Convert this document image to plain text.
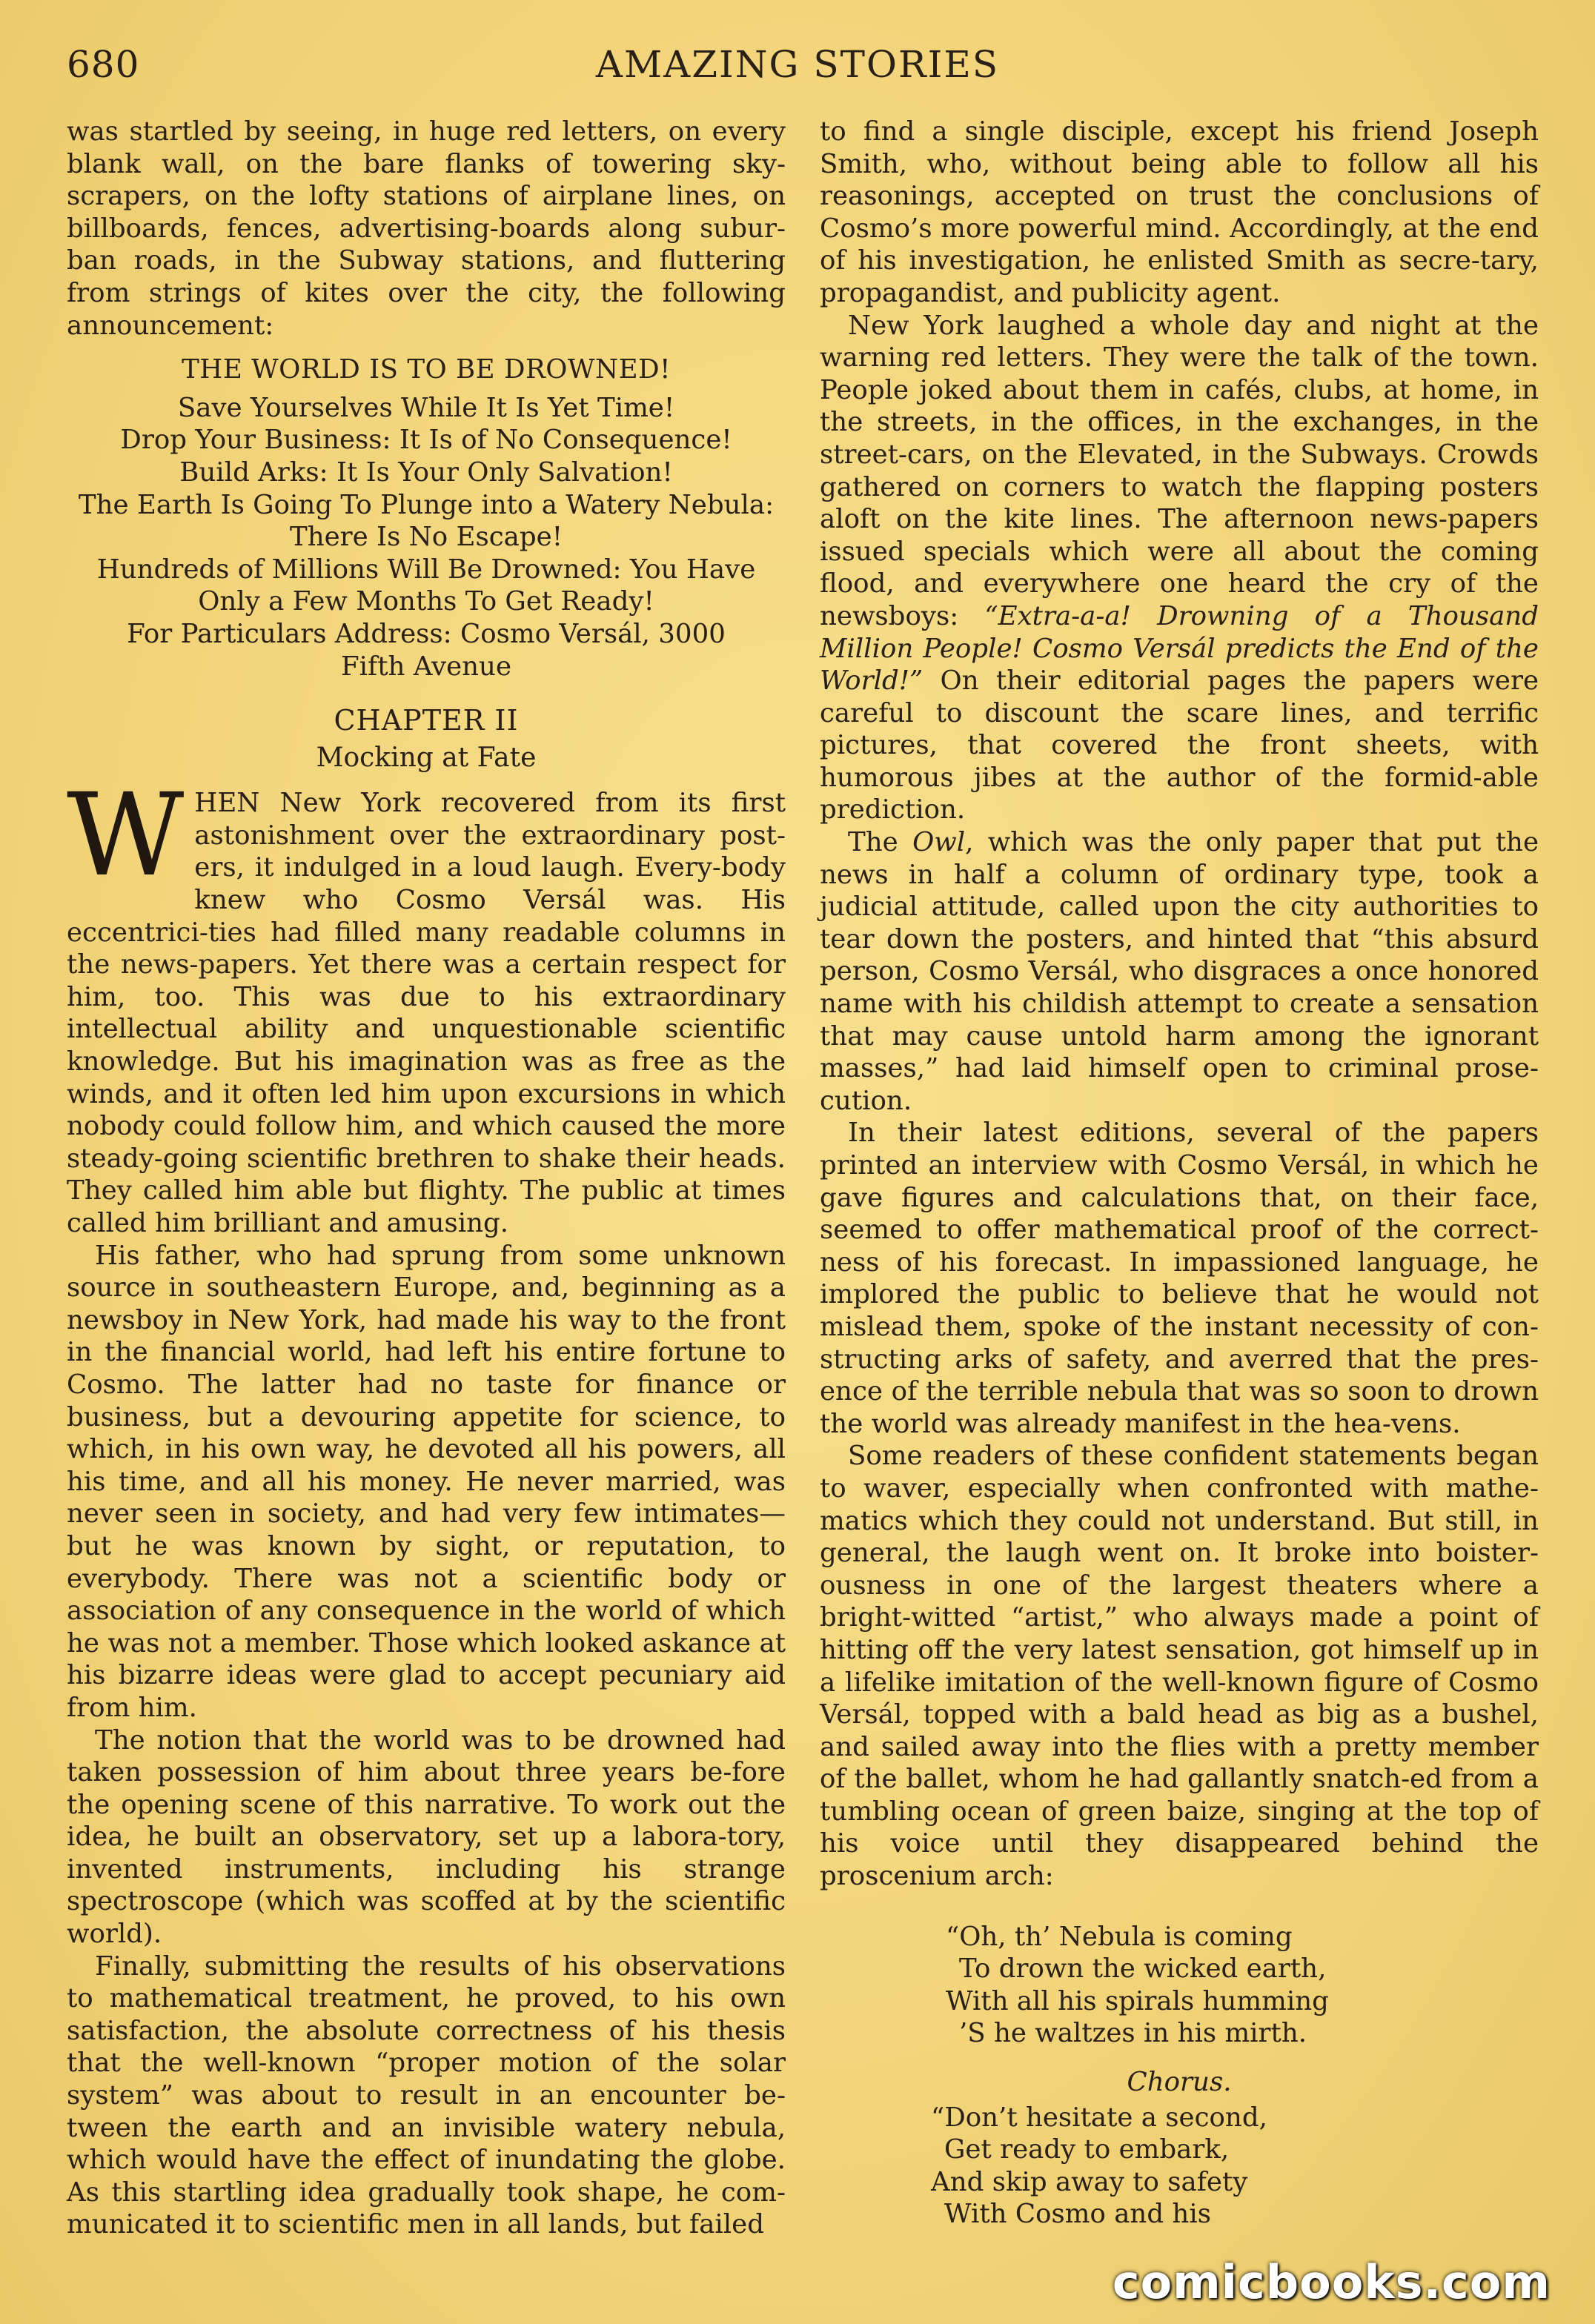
680	AMAZING STORIES

was startled by seeing, in huge red letters, on every blank wall, on the bare flanks of towering sky-scrapers, on the lofty stations of airplane lines, on billboards, fences, advertising-boards along subur-ban roads, in the Subway stations, and fluttering from strings of kites over the city, the following announcement:

THE WORLD IS TO BE DROWNED!
Save Yourselves While It Is Yet Time!
Drop Your Business: It Is of No Consequence!
Build Arks: It Is Your Only Salvation!
The Earth Is Going To Plunge into a Watery Nebula: There Is No Escape!
Hundreds of Millions Will Be Drowned: You Have Only a Few Months To Get Ready!
For Particulars Address: Cosmo Versál, 3000 Fifth Avenue
CHAPTER II
Mocking at Fate

WHEN New York recovered from its first astonishment over the extraordinary post-ers, it indulged in a loud laugh. Every-body knew who Cosmo Versál was. His eccentrici-ties had filled many readable columns in the news-papers. Yet there was a certain respect for him, too. This was due to his extraordinary intellectual ability and unquestionable scientific knowledge. But his imagination was as free as the winds, and it often led him upon excursions in which nobody could follow him, and which caused the more steady-going scientific brethren to shake their heads. They called him able but flighty. The public at times called him brilliant and amusing.

His father, who had sprung from some unknown source in southeastern Europe, and, beginning as a newsboy in New York, had made his way to the front in the financial world, had left his entire fortune to Cosmo. The latter had no taste for finance or business, but a devouring appetite for science, to which, in his own way, he devoted all his powers, all his time, and all his money. He never married, was never seen in society, and had very few intimates—but he was known by sight, or reputation, to everybody. There was not a scientific body or association of any consequence in the world of which he was not a member. Those which looked askance at his bizarre ideas were glad to accept pecuniary aid from him.

The notion that the world was to be drowned had taken possession of him about three years be-fore the opening scene of this narrative. To work out the idea, he built an observatory, set up a labora-tory, invented instruments, including his strange spectroscope (which was scoffed at by the scientific world).

Finally, submitting the results of his observations to mathematical treatment, he proved, to his own satisfaction, the absolute correctness of his thesis that the well-known “proper motion of the solar system” was about to result in an encounter be-tween the earth and an invisible watery nebula, which would have the effect of inundating the globe. As this startling idea gradually took shape, he com-municated it to scientific men in all lands, but failed

to find a single disciple, except his friend Joseph Smith, who, without being able to follow all his reasonings, accepted on trust the conclusions of Cosmo’s more powerful mind. Accordingly, at the end of his investigation, he enlisted Smith as secre-tary, propagandist, and publicity agent.

New York laughed a whole day and night at the warning red letters. They were the talk of the town. People joked about them in cafés, clubs, at home, in the streets, in the offices, in the exchanges, in the street-cars, on the Elevated, in the Subways. Crowds gathered on corners to watch the flapping posters aloft on the kite lines. The afternoon news-papers issued specials which were all about the coming flood, and everywhere one heard the cry of the newsboys: “Extra-a-a! Drowning of a Thousand Million People! Cosmo Versál predicts the End of the World!” On their editorial pages the papers were careful to discount the scare lines, and terrific pictures, that covered the front sheets, with humorous jibes at the author of the formid-able prediction.

The Owl, which was the only paper that put the news in half a column of ordinary type, took a judicial attitude, called upon the city authorities to tear down the posters, and hinted that “this absurd person, Cosmo Versál, who disgraces a once honored name with his childish attempt to create a sensation that may cause untold harm among the ignorant masses,” had laid himself open to criminal prose-cution.

In their latest editions, several of the papers printed an interview with Cosmo Versál, in which he gave figures and calculations that, on their face, seemed to offer mathematical proof of the correct-ness of his forecast. In impassioned language, he implored the public to believe that he would not mislead them, spoke of the instant necessity of con-structing arks of safety, and averred that the pres-ence of the terrible nebula that was so soon to drown the world was already manifest in the hea-vens.

Some readers of these confident statements began to waver, especially when confronted with mathe-matics which they could not understand. But still, in general, the laugh went on. It broke into boister-ousness in one of the largest theaters where a bright-witted “artist,” who always made a point of hitting off the very latest sensation, got himself up in a lifelike imitation of the well-known figure of Cosmo Versál, topped with a bald head as big as a bushel, and sailed away into the flies with a pretty member of the ballet, whom he had gallantly snatch-ed from a tumbling ocean of green baize, singing at the top of his voice until they disappeared behind the proscenium arch:

“Oh, th’ Nebula is coming
To drown the wicked earth,
With all his spirals humming
’S he waltzes in his mirth.
Chorus.
“Don’t hesitate a second,
Get ready to embark,
And skip away to safety
With Cosmo and his
comicbooks.com
